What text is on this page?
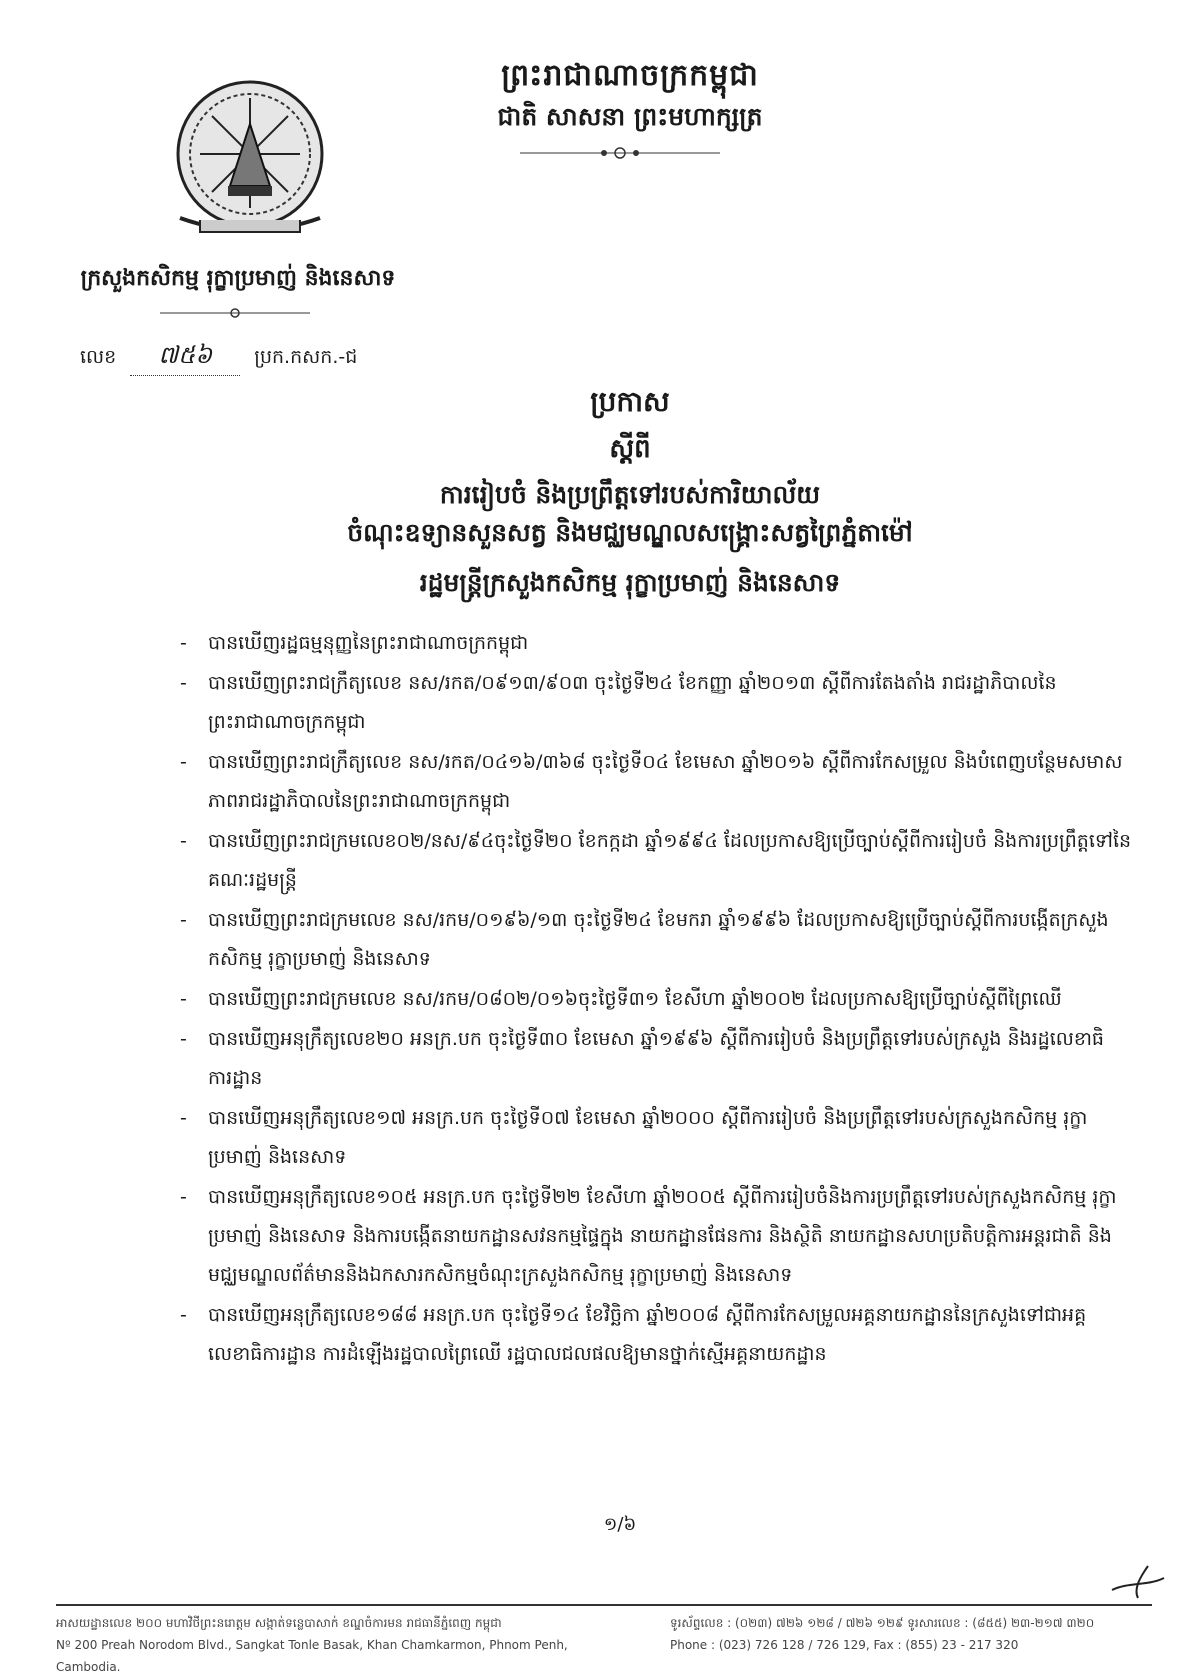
ព្រះរាជាណាចក្រកម្ពុជា
ជាតិ សាសនា ព្រះមហាក្សត្រ
ក្រសួងកសិកម្ម រុក្ខាប្រមាញ់ និងនេសាទ
លេខ ៧៥៦ ប្រក.កសក.-ជ
ប្រកាស
ស្តីពី
ការរៀបចំ និងប្រព្រឹត្តទៅរបស់ការិយាល័យ
ចំណុះឧទ្យានសួនសត្វ និងមជ្ឈមណ្ឌលសង្គ្រោះសត្វព្រៃភ្នំតាម៉ៅ
រដ្ឋមន្ត្រីក្រសួងកសិកម្ម រុក្ខាប្រមាញ់ និងនេសាទ
- បានឃើញរដ្ឋធម្មនុញ្ញនៃព្រះរាជាណាចក្រកម្ពុជា
- បានឃើញព្រះរាជក្រឹត្យលេខ នស/រកត/០៩១៣/៩០៣ ចុះថ្ងៃទី២៤ ខែកញ្ញា ឆ្នាំ២០១៣ ស្តីពីការតែងតាំង រាជរដ្ឋាភិបាលនៃព្រះរាជាណាចក្រកម្ពុជា
- បានឃើញព្រះរាជក្រឹត្យលេខ នស/រកត/០៤១៦/៣៦៨ ចុះថ្ងៃទី០៤ ខែមេសា ឆ្នាំ២០១៦ ស្តីពីការកែសម្រួល និងបំពេញបន្ថែមសមាសភាពរាជរដ្ឋាភិបាលនៃព្រះរាជាណាចក្រកម្ពុជា
- បានឃើញព្រះរាជក្រមលេខ០២/នស/៩៤ចុះថ្ងៃទី២០ ខែកក្កដា ឆ្នាំ១៩៩៤ ដែលប្រកាសឱ្យប្រើច្បាប់ស្តីពីការរៀបចំ និងការប្រព្រឹត្តទៅនៃគណៈរដ្ឋមន្ត្រី
- បានឃើញព្រះរាជក្រមលេខ នស/រកម/០១៩៦/១៣ ចុះថ្ងៃទី២៤ ខែមករា ឆ្នាំ១៩៩៦ ដែលប្រកាសឱ្យប្រើច្បាប់ស្តីពីការបង្កើតក្រសួងកសិកម្ម រុក្ខាប្រមាញ់ និងនេសាទ
- បានឃើញព្រះរាជក្រមលេខ នស/រកម/០៨០២/០១៦ចុះថ្ងៃទី៣១ ខែសីហា ឆ្នាំ២០០២ ដែលប្រកាសឱ្យប្រើច្បាប់ស្តីពីព្រៃឈើ
- បានឃើញអនុក្រឹត្យលេខ២០ អនក្រ.បក ចុះថ្ងៃទី៣០ ខែមេសា ឆ្នាំ១៩៩៦ ស្តីពីការរៀបចំ និងប្រព្រឹត្តទៅរបស់ក្រសួង និងរដ្ឋលេខាធិការដ្ឋាន
- បានឃើញអនុក្រឹត្យលេខ១៧ អនក្រ.បក ចុះថ្ងៃទី០៧ ខែមេសា ឆ្នាំ២០០០ ស្តីពីការរៀបចំ និងប្រព្រឹត្តទៅរបស់ក្រសួងកសិកម្ម រុក្ខាប្រមាញ់ និងនេសាទ
- បានឃើញអនុក្រឹត្យលេខ១០៥ អនក្រ.បក ចុះថ្ងៃទី២២ ខែសីហា ឆ្នាំ២០០៥ ស្តីពីការរៀបចំនិងការប្រព្រឹត្តទៅរបស់ក្រសួងកសិកម្ម រុក្ខាប្រមាញ់ និងនេសាទ និងការបង្កើតនាយកដ្ឋានសវនកម្មផ្ទៃក្នុង នាយកដ្ឋានផែនការ និងស្ថិតិ នាយកដ្ឋានសហប្រតិបត្តិការអន្តរជាតិ និងមជ្ឈមណ្ឌលព័ត៌មាននិងឯកសារកសិកម្មចំណុះក្រសួងកសិកម្ម រុក្ខាប្រមាញ់ និងនេសាទ
- បានឃើញអនុក្រឹត្យលេខ១៨៨ អនក្រ.បក ចុះថ្ងៃទី១៤ ខែវិច្ឆិកា ឆ្នាំ២០០៨ ស្តីពីការកែសម្រួលអគ្គនាយកដ្ឋាននៃក្រសួងទៅជាអគ្គលេខាធិការដ្ឋាន ការដំឡើងរដ្ឋបាលព្រៃឈើ រដ្ឋបាលជលផលឱ្យមានថ្នាក់ស្មើអគ្គនាយកដ្ឋាន
១/៦
អាសយដ្ឋានលេខ ២០០ មហាវិថីព្រះនរោត្តម សង្កាត់ទន្លេបាសាក់ ខណ្ឌចំការមន រាជធានីភ្នំពេញ កម្ពុជា
Nº 200 Preah Norodom Blvd., Sangkat Tonle Basak, Khan Chamkarmon, Phnom Penh, Cambodia.
ទូរស័ព្ទលេខ : (០២៣) ៧២៦ ១២៨ / ៧២៦ ១២៩ ទូរសារលេខ : (៨៥៥) ២៣-២១៧ ៣២០
Phone : (023) 726 128 / 726 129, Fax : (855) 23 - 217 320
